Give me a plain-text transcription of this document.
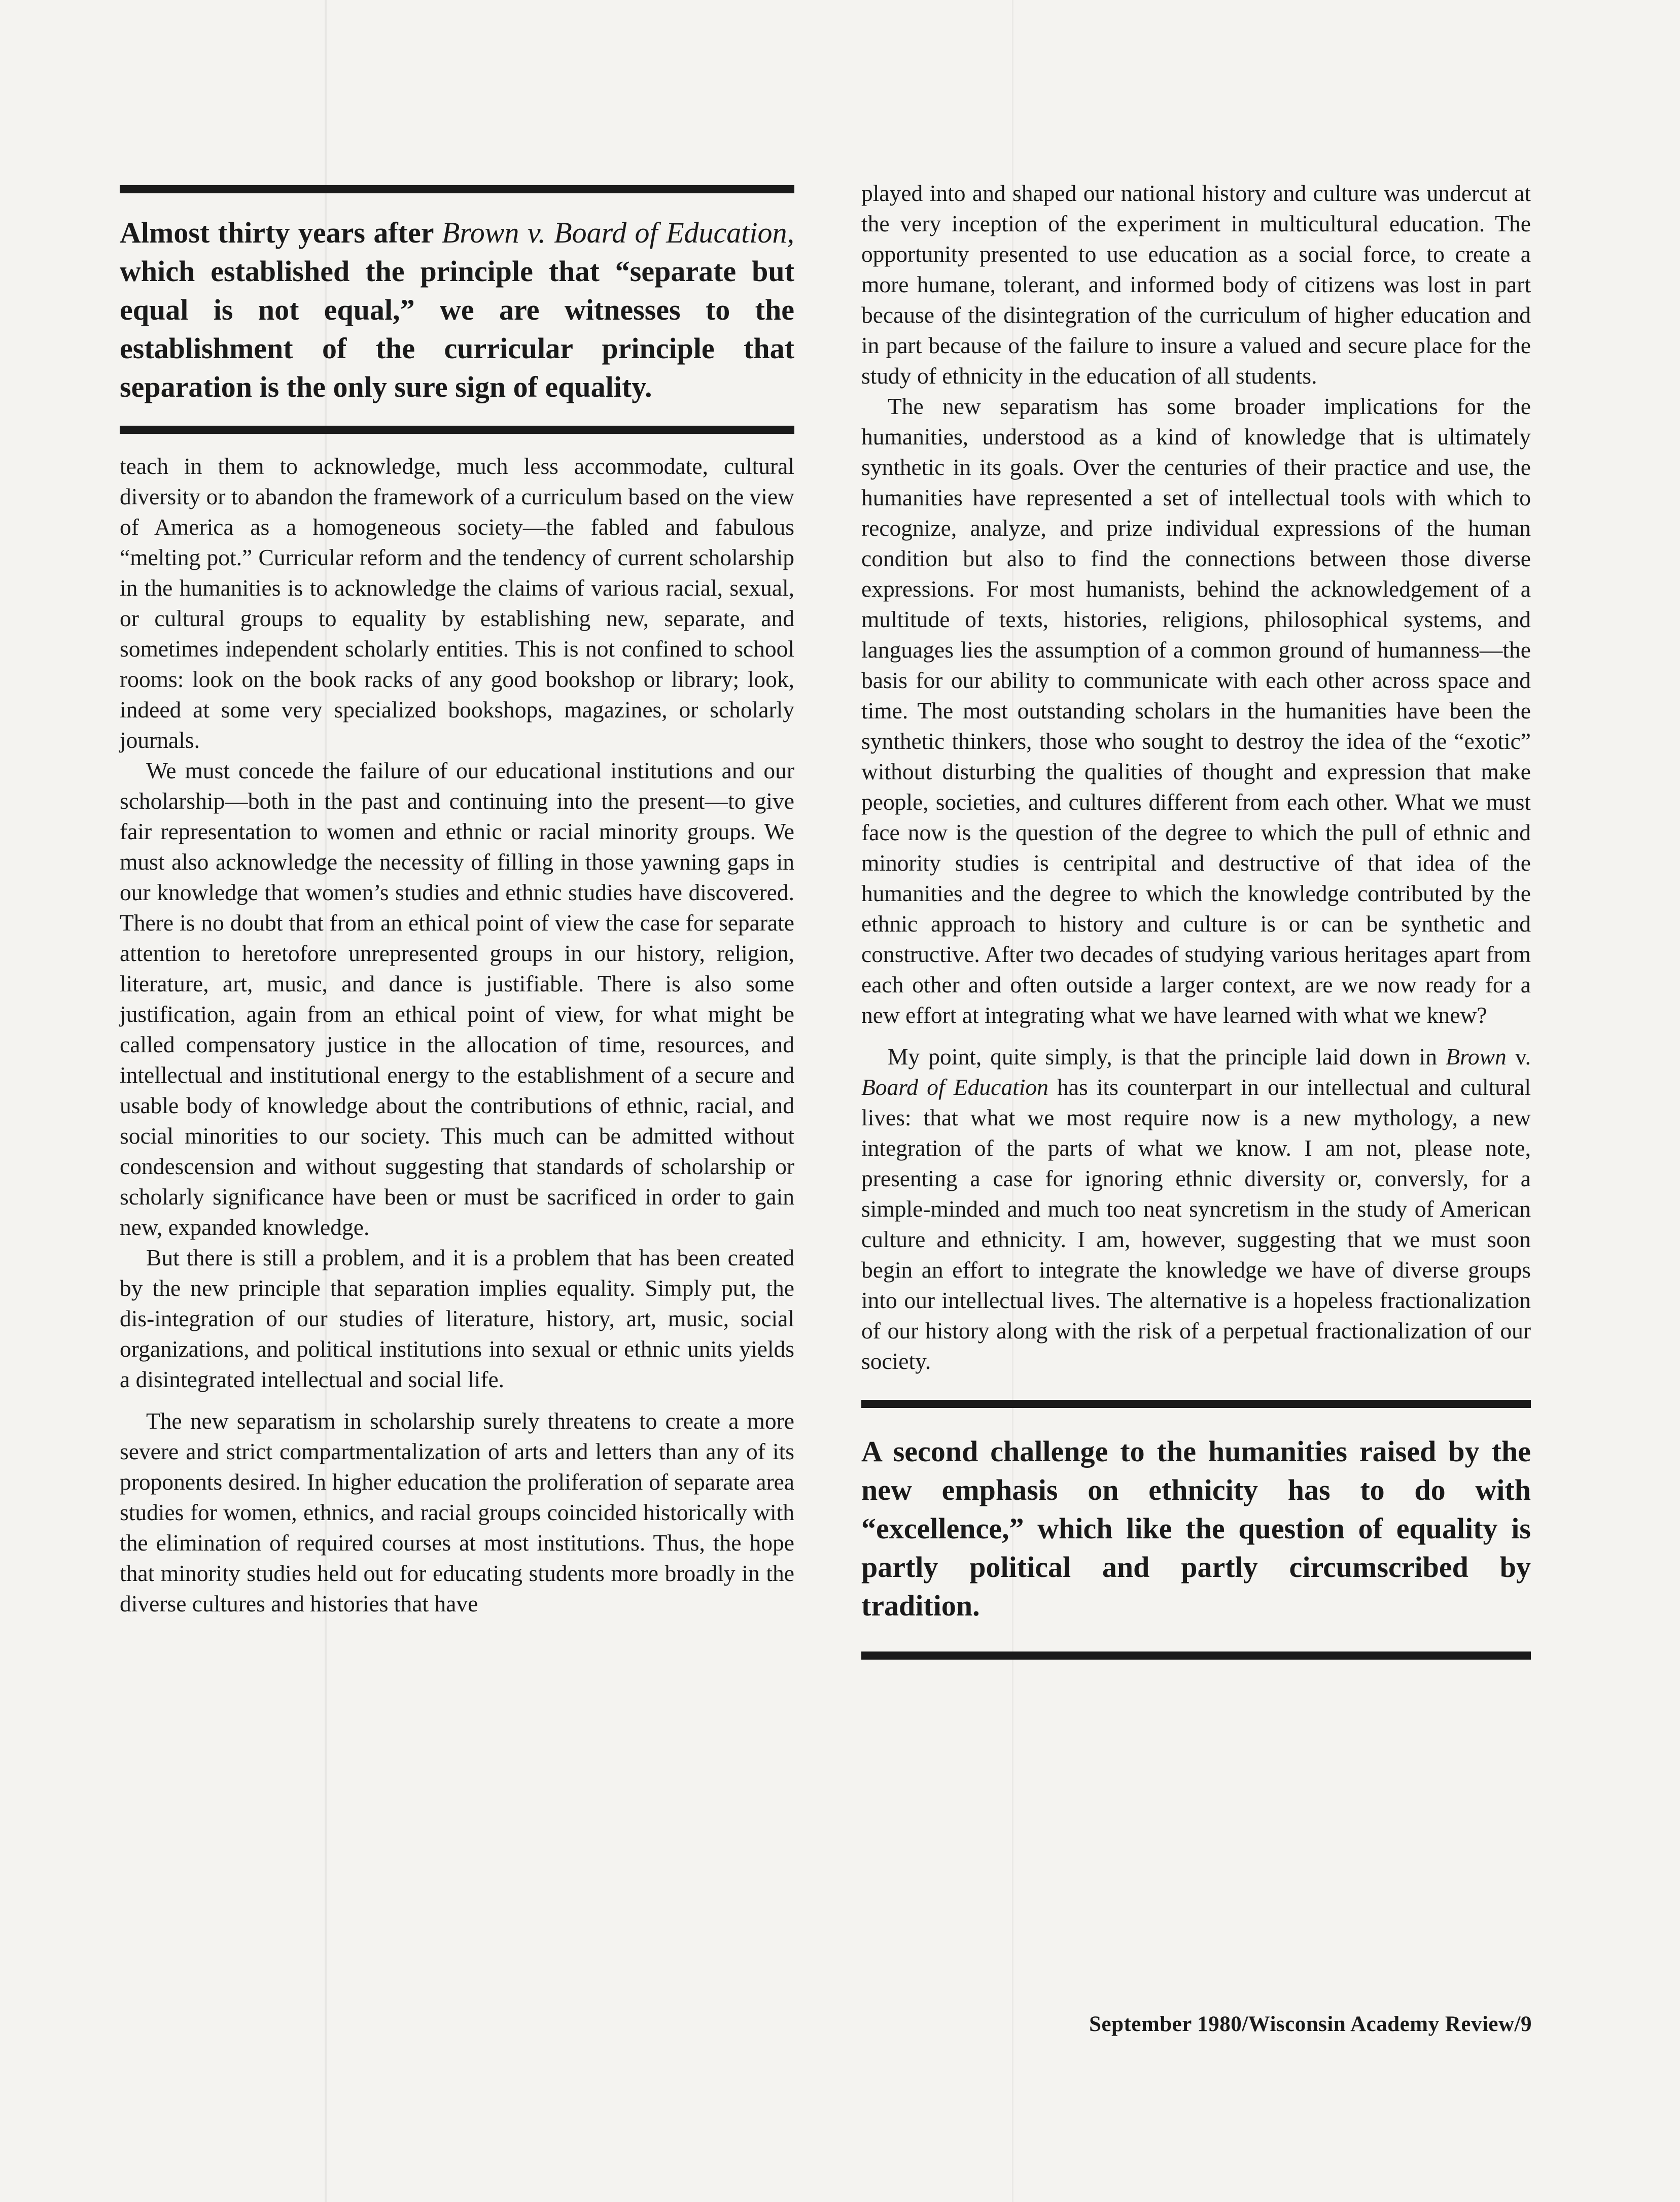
Almost thirty years after Brown v. Board of Education, which established the principle that “separate but equal is not equal,” we are witnesses to the establishment of the curricular principle that separation is the only sure sign of equality.

teach in them to acknowledge, much less accommodate, cultural diversity or to abandon the framework of a curriculum based on the view of America as a homogeneous society—the fabled and fabulous “melting pot.” Curricular reform and the tendency of current scholarship in the humanities is to acknowledge the claims of various racial, sexual, or cultural groups to equality by establishing new, separate, and sometimes independent scholarly entities. This is not confined to school rooms: look on the book racks of any good bookshop or library; look, indeed at some very specialized bookshops, magazines, or scholarly journals.

We must concede the failure of our educational institutions and our scholarship—both in the past and continuing into the present—to give fair representation to women and ethnic or racial minority groups. We must also acknowledge the necessity of filling in those yawning gaps in our knowledge that women’s studies and ethnic studies have discovered. There is no doubt that from an ethical point of view the case for separate attention to heretofore unrepresented groups in our history, religion, literature, art, music, and dance is justifiable. There is also some justification, again from an ethical point of view, for what might be called compensatory justice in the allocation of time, resources, and intellectual and institutional energy to the establishment of a secure and usable body of knowledge about the contributions of ethnic, racial, and social minorities to our society. This much can be admitted without condescension and without suggesting that standards of scholarship or scholarly significance have been or must be sacrificed in order to gain new, expanded knowledge.

But there is still a problem, and it is a problem that has been created by the new principle that separation implies equality. Simply put, the dis-integration of our studies of literature, history, art, music, social organizations, and political institutions into sexual or ethnic units yields a disintegrated intellectual and social life.

The new separatism in scholarship surely threatens to create a more severe and strict compartmentalization of arts and letters than any of its proponents desired. In higher education the proliferation of separate area studies for women, ethnics, and racial groups coincided historically with the elimination of required courses at most institutions. Thus, the hope that minority studies held out for educating students more broadly in the diverse cultures and histories that have

played into and shaped our national history and culture was undercut at the very inception of the experiment in multicultural education. The opportunity presented to use education as a social force, to create a more humane, tolerant, and informed body of citizens was lost in part because of the disintegration of the curriculum of higher education and in part because of the failure to insure a valued and secure place for the study of ethnicity in the education of all students.

The new separatism has some broader implications for the humanities, understood as a kind of knowledge that is ultimately synthetic in its goals. Over the centuries of their practice and use, the humanities have represented a set of intellectual tools with which to recognize, analyze, and prize individual expressions of the human condition but also to find the connections between those diverse expressions. For most humanists, behind the acknowledgement of a multitude of texts, histories, religions, philosophical systems, and languages lies the assumption of a common ground of humanness—the basis for our ability to communicate with each other across space and time. The most outstanding scholars in the humanities have been the synthetic thinkers, those who sought to destroy the idea of the “exotic” without disturbing the qualities of thought and expression that make people, societies, and cultures different from each other. What we must face now is the question of the degree to which the pull of ethnic and minority studies is centripital and destructive of that idea of the humanities and the degree to which the knowledge contributed by the ethnic approach to history and culture is or can be synthetic and constructive. After two decades of studying various heritages apart from each other and often outside a larger context, are we now ready for a new effort at integrating what we have learned with what we knew?

My point, quite simply, is that the principle laid down in Brown v. Board of Education has its counterpart in our intellectual and cultural lives: that what we most require now is a new mythology, a new integration of the parts of what we know. I am not, please note, presenting a case for ignoring ethnic diversity or, conversly, for a simple-minded and much too neat syncretism in the study of American culture and ethnicity. I am, however, suggesting that we must soon begin an effort to integrate the knowledge we have of diverse groups into our intellectual lives. The alternative is a hopeless fractionalization of our history along with the risk of a perpetual fractionalization of our society.

A second challenge to the humanities raised by the new emphasis on ethnicity has to do with “excellence,” which like the question of equality is partly political and partly circumscribed by tradition.

September 1980/Wisconsin Academy Review/9
